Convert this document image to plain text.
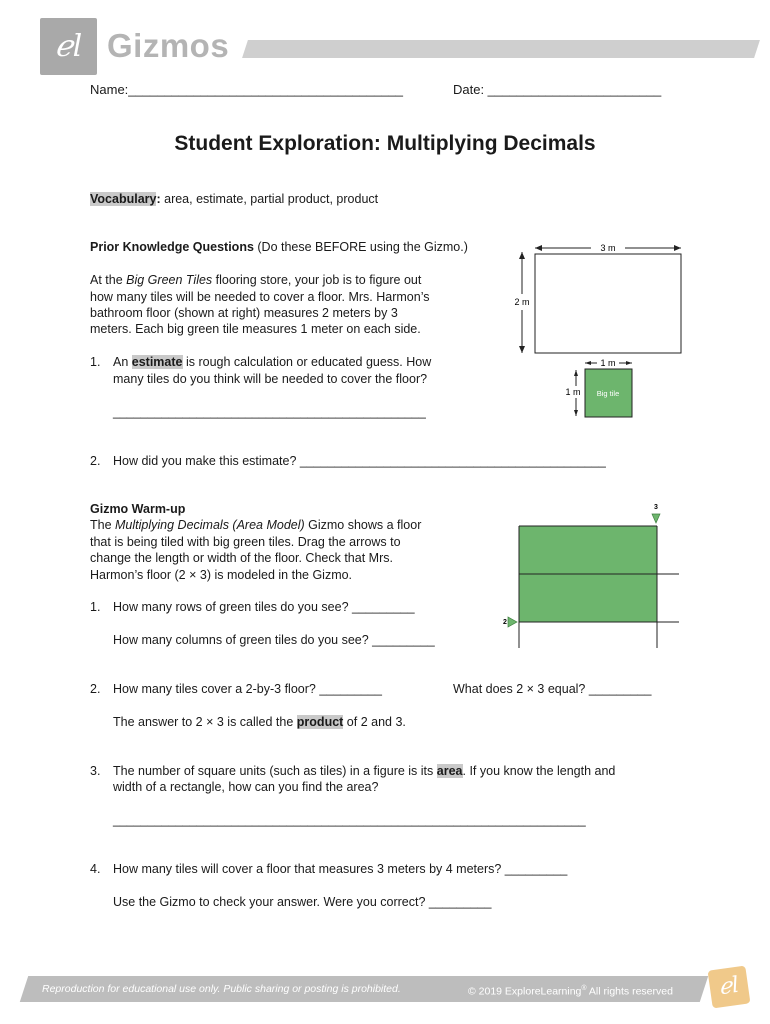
ℯl Gizmos
Name:______________________________________	Date: ________________________
Student Exploration: Multiplying Decimals
Vocabulary: area, estimate, partial product, product
Prior Knowledge Questions (Do these BEFORE using the Gizmo.)
At the Big Green Tiles flooring store, your job is to figure out
how many tiles will be needed to cover a floor. Mrs. Harmon’s
bathroom floor (shown at right) measures 2 meters by 3
meters. Each big green tile measures 1 meter on each side.
1. An estimate is rough calculation or educated guess. How
many tiles do you think will be needed to cover the floor?
_____________________________________________
2. How did you make this estimate? ____________________________________________
3 m
2 m
1 m
1 m Big tile
Gizmo Warm-up
The Multiplying Decimals (Area Model) Gizmo shows a floor
that is being tiled with big green tiles. Drag the arrows to
change the length or width of the floor. Check that Mrs.
Harmon’s floor (2 × 3) is modeled in the Gizmo.
1. How many rows of green tiles do you see? _________
How many columns of green tiles do you see? _________
3
2
2. How many tiles cover a 2-by-3 floor? _________	What does 2 × 3 equal? _________
The answer to 2 × 3 is called the product of 2 and 3.
3. The number of square units (such as tiles) in a figure is its area. If you know the length and
width of a rectangle, how can you find the area?
____________________________________________________________________
4. How many tiles will cover a floor that measures 3 meters by 4 meters? _________
Use the Gizmo to check your answer. Were you correct? _________
Reproduction for educational use only. Public sharing or posting is prohibited.	© 2019 ExploreLearning® All rights reserved	ℯl
